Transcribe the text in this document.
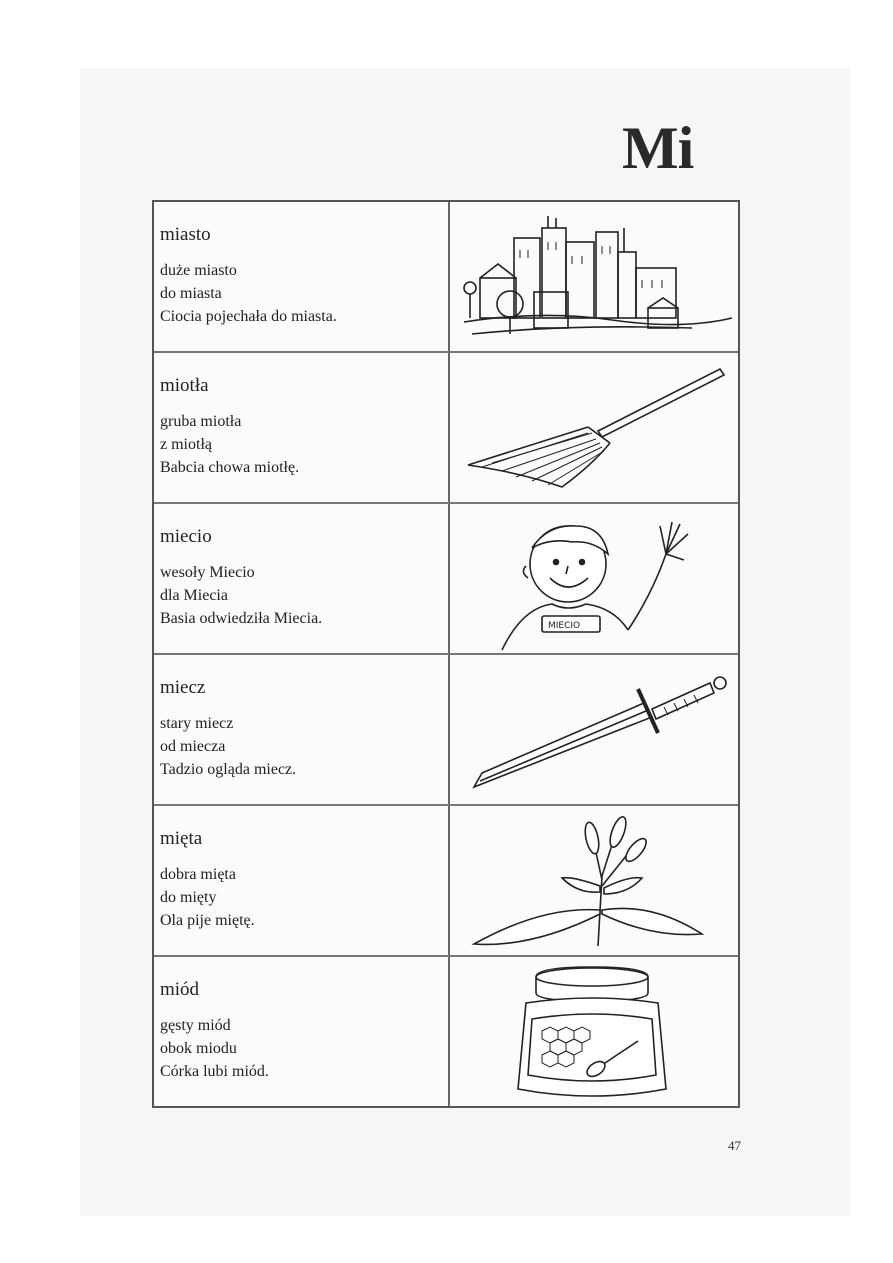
Mi
miasto
duże miasto
do miasta
Ciocia pojechała do miasta.
miotła
gruba miotła
z miotłą
Babcia chowa miotłę.
miecio
wesoły Miecio
dla Miecia
Basia odwiedziła Miecia.	MIECIO
miecz
stary miecz
od miecza
Tadzio ogląda miecz.
mięta
dobra mięta
do mięty
Ola pije miętę.
miód
gęsty miód
obok miodu
Córka lubi miód.
47
